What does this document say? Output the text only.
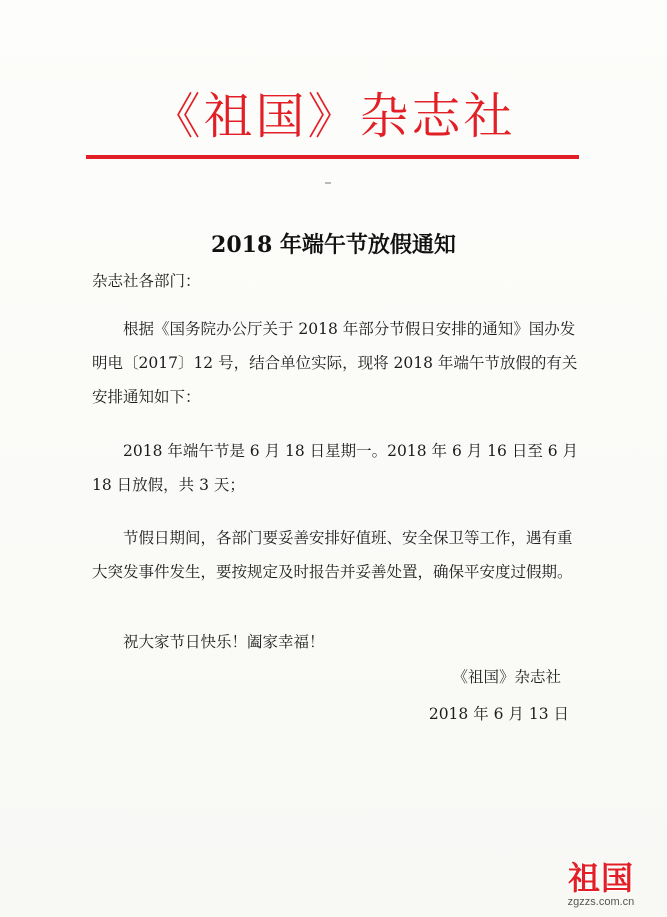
《祖国》杂志社
2018 年端午节放假通知
杂志社各部门：
根据《国务院办公厅关于 2018 年部分节假日安排的通知》国办发明电〔2017〕12 号，结合单位实际，现将 2018 年端午节放假的有关安排通知如下：
2018 年端午节是 6 月 18 日星期一。2018 年 6 月 16 日至 6 月 18 日放假，共 3 天；
节假日期间，各部门要妥善安排好值班、安全保卫等工作，遇有重大突发事件发生，要按规定及时报告并妥善处置，确保平安度过假期。
祝大家节日快乐！阖家幸福！
《祖国》杂志社
2018 年 6 月 13 日
祖国
zgzzs.com.cn
